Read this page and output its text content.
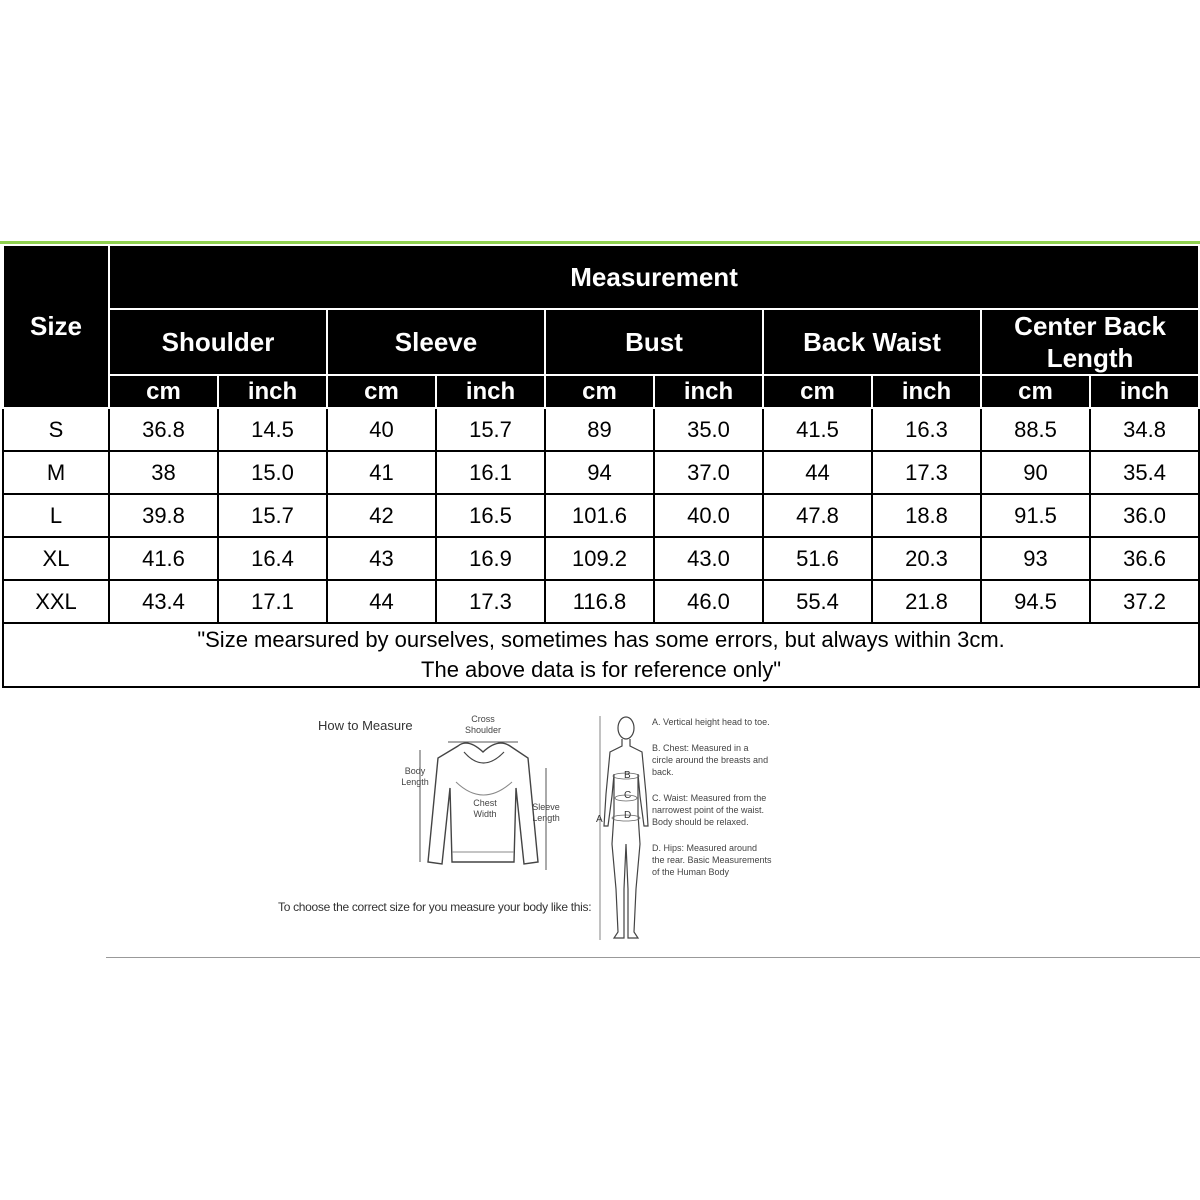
Size	Measurement									
	Shoulder		Sleeve		Bust		Back Waist		Center Back Length	
	cm	inch	cm	inch	cm	inch	cm	inch	cm	inch
S	36.8	14.5	40	15.7	89	35.0	41.5	16.3	88.5	34.8
M	38	15.0	41	16.1	94	37.0	44	17.3	90	35.4
L	39.8	15.7	42	16.5	101.6	40.0	47.8	18.8	91.5	36.0
XL	41.6	16.4	43	16.9	109.2	43.0	51.6	20.3	93	36.6
XXL	43.4	17.1	44	17.3	116.8	46.0	55.4	21.8	94.5	37.2

"Size mearsured by ourselves, sometimes has some errors, but always within 3cm.
The above data is for reference only"										
How to Measure	Cross Shoulder
Body Length
Chest Width
Sleeve Length
To choose the correct size for you measure your body like this:
A
B
C
D
A. Vertical height head to toe.
B. Chest: Measured in a circle around the breasts and back.
C. Waist: Measured from the narrowest point of the waist. Body should be relaxed.
D. Hips: Measured around the rear. Basic Measurements of the Human Body
